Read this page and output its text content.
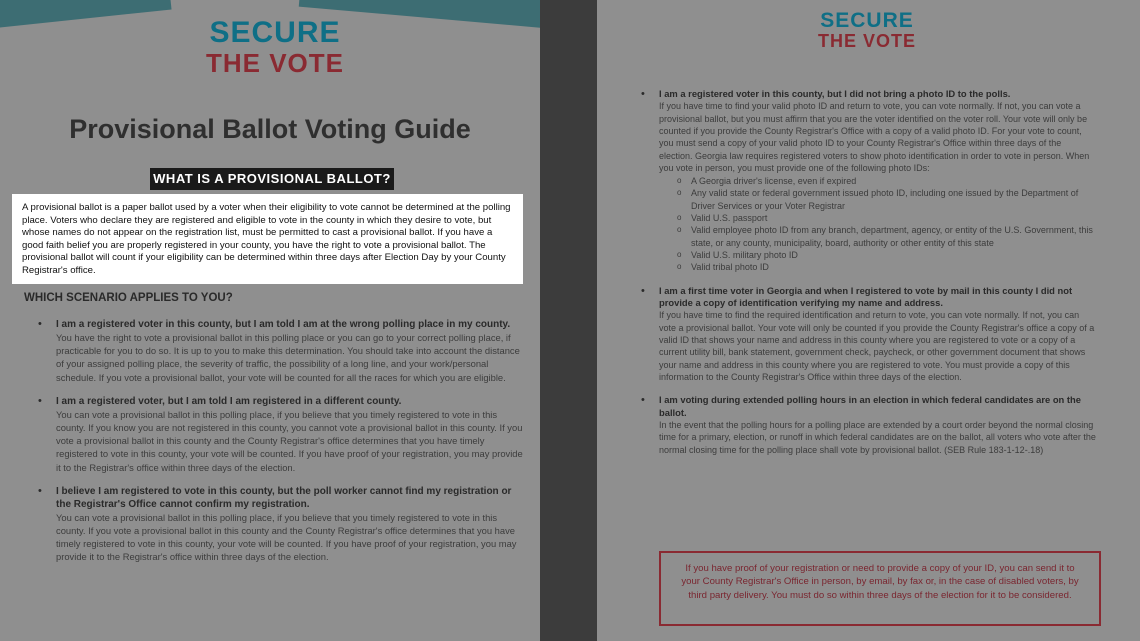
SECURE
THE VOTE
Provisional Ballot Voting Guide
WHAT IS A PROVISIONAL BALLOT?
A provisional ballot is a paper ballot used by a voter when their eligibility to vote cannot be determined at the polling place. Voters who declare they are registered and eligible to vote in the county in which they desire to vote, but whose names do not appear on the registration list, must be permitted to cast a provisional ballot. If you have a good faith belief you are properly registered in your county, you have the right to vote a provisional ballot. The provisional ballot will count if your eligibility can be determined within three days after Election Day by your County Registrar's office.
WHICH SCENARIO APPLIES TO YOU?
• I am a registered voter in this county, but I am told I am at the wrong polling place in my county.
You have the right to vote a provisional ballot in this polling place or you can go to your correct polling place, if practicable for you to do so. It is up to you to make this determination. You should take into account the distance of your assigned polling place, the severity of traffic, the possibility of a long line, and your work/personal schedule. If you vote a provisional ballot, your vote will be counted for all the races for which you are eligible.
• I am a registered voter, but I am told I am registered in a different county.
You can vote a provisional ballot in this polling place, if you believe that you timely registered to vote in this county. If you know you are not registered in this county, you cannot vote a provisional ballot in this county. If you vote a provisional ballot in this county and the County Registrar's office determines that you have timely registered to vote in this county, your vote will be counted. If you have proof of your registration, you may provide it to the Registrar's office within three days of the election.
• I believe I am registered to vote in this county, but the poll worker cannot find my registration or the Registrar's Office cannot confirm my registration.
You can vote a provisional ballot in this polling place, if you believe that you timely registered to vote in this county. If you vote a provisional ballot in this county and the County Registrar's office determines that you have timely registered to vote in this county, your vote will be counted. If you have proof of your registration, you may provide it to the Registrar's office within three days of the election.
SECURE
THE VOTE
• I am a registered voter in this county, but I did not bring a photo ID to the polls.
If you have time to find your valid photo ID and return to vote, you can vote normally. If not, you can vote a provisional ballot, but you must affirm that you are the voter identified on the voter roll. Your vote will only be counted if you provide the County Registrar's Office with a copy of a valid photo ID. For your vote to count, you must send a copy of your valid photo ID to your County Registrar's Office within three days of the election. Georgia law requires registered voters to show photo identification in order to vote in person. When you vote in person, you must provide one of the following photo IDs:
o A Georgia driver's license, even if expired
o Any valid state or federal government issued photo ID, including one issued by the Department of Driver Services or your Voter Registrar
o Valid U.S. passport
o Valid employee photo ID from any branch, department, agency, or entity of the U.S. Government, this state, or any county, municipality, board, authority or other entity of this state
o Valid U.S. military photo ID
o Valid tribal photo ID
• I am a first time voter in Georgia and when I registered to vote by mail in this county I did not provide a copy of identification verifying my name and address.
If you have time to find the required identification and return to vote, you can vote normally. If not, you can vote a provisional ballot. Your vote will only be counted if you provide the County Registrar's office a copy of a valid ID that shows your name and address in this county where you are registered to vote or a copy of a current utility bill, bank statement, government check, paycheck, or other government document that shows your name and address in this county where you are registered to vote. You must provide a copy of this information to the County Registrar's Office within three days of the election.
• I am voting during extended polling hours in an election in which federal candidates are on the ballot.
In the event that the polling hours for a polling place are extended by a court order beyond the normal closing time for a primary, election, or runoff in which federal candidates are on the ballot, all voters who vote after the normal closing time for the polling place shall vote by provisional ballot. (SEB Rule 183-1-12-.18)
If you have proof of your registration or need to provide a copy of your ID, you can send it to your County Registrar's Office in person, by email, by fax or, in the case of disabled voters, by third party delivery. You must do so within three days of the election for it to be considered.
